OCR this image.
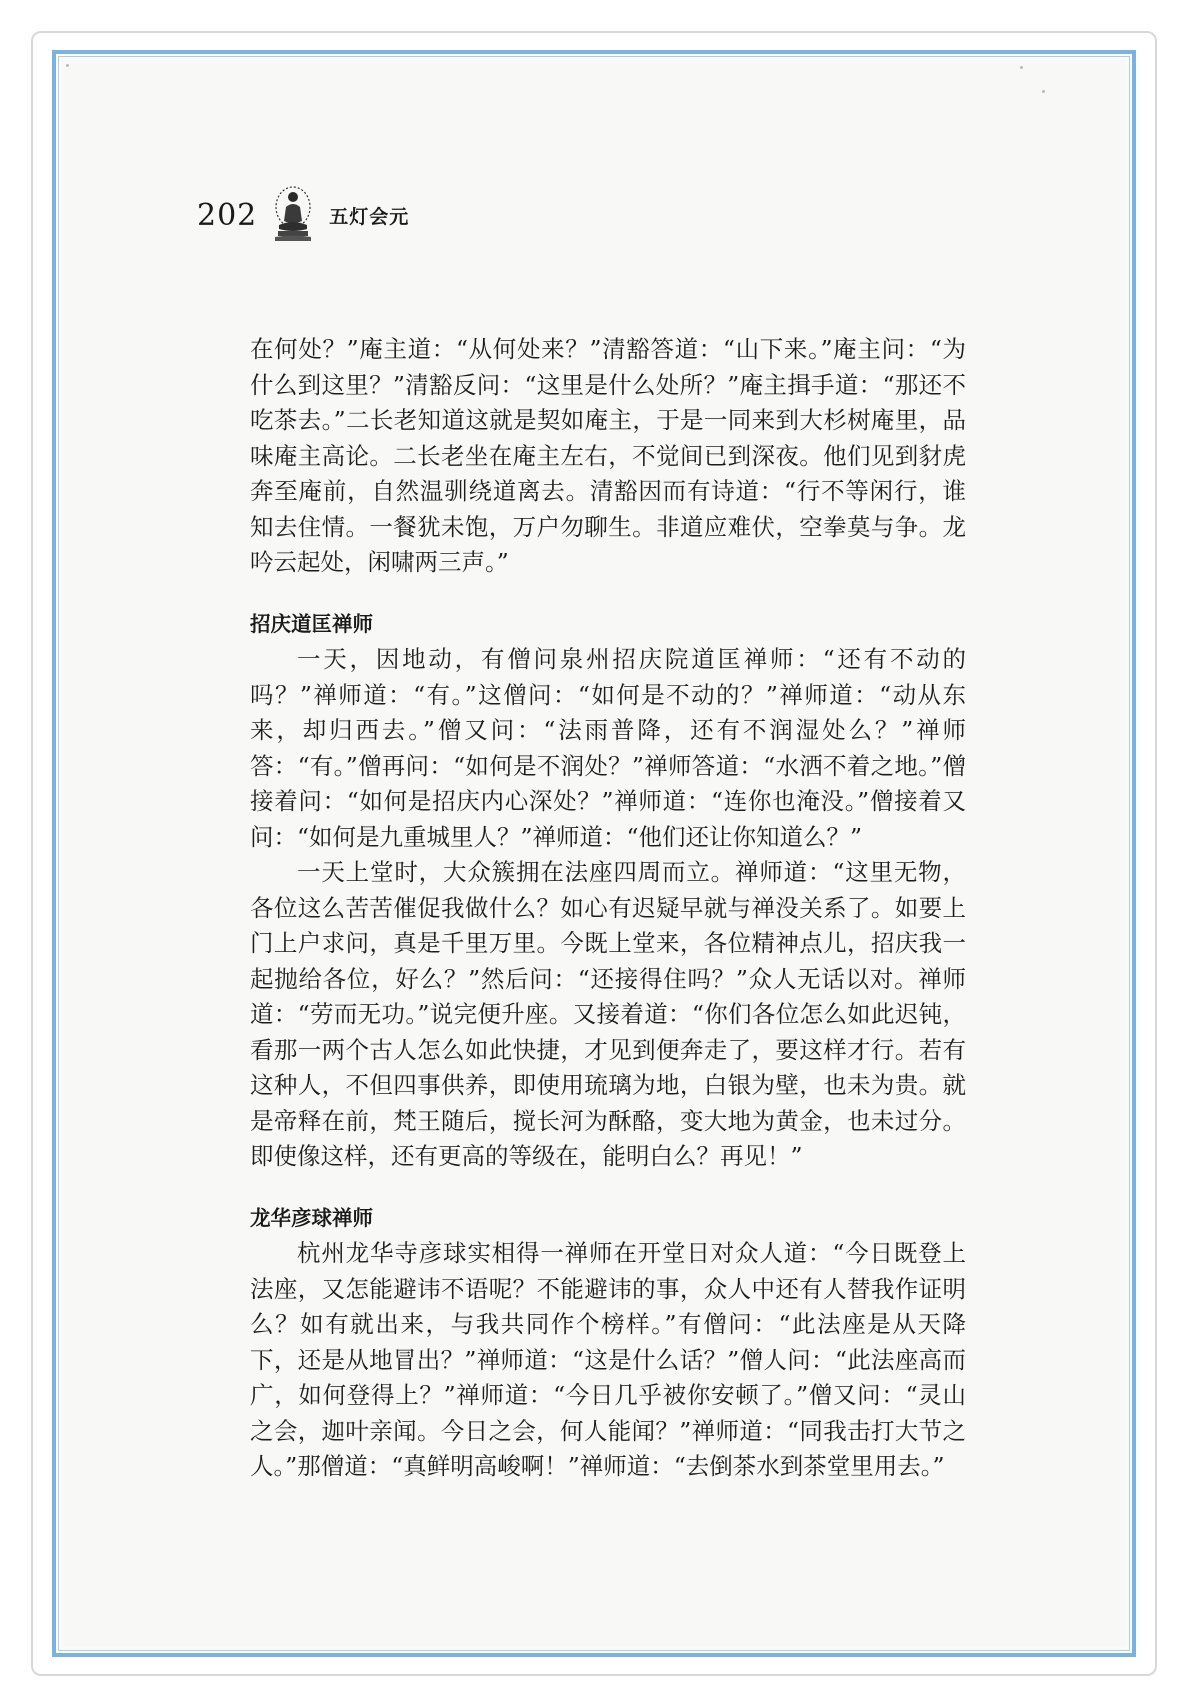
202	五灯会元

在何处？”庵主道：“从何处来？”清豁答道：“山下来。”庵主问：“为什么到这里？”清豁反问：“这里是什么处所？”庵主揖手道：“那还不吃茶去。”二长老知道这就是契如庵主，于是一同来到大杉树庵里，品味庵主高论。二长老坐在庵主左右，不觉间已到深夜。他们见到豺虎奔至庵前，自然温驯绕道离去。清豁因而有诗道：“行不等闲行，谁知去住情。一餐犹未饱，万户勿聊生。非道应难伏，空拳莫与争。龙吟云起处，闲啸两三声。”

招庆道匡禅师

一天，因地动，有僧问泉州招庆院道匡禅师：“还有不动的吗？”禅师道：“有。”这僧问：“如何是不动的？”禅师道：“动从东来，却归西去。”僧又问：“法雨普降，还有不润湿处么？”禅师答：“有。”僧再问：“如何是不润处？”禅师答道：“水洒不着之地。”僧接着问：“如何是招庆内心深处？”禅师道：“连你也淹没。”僧接着又问：“如何是九重城里人？”禅师道：“他们还让你知道么？”

一天上堂时，大众簇拥在法座四周而立。禅师道：“这里无物，各位这么苦苦催促我做什么？如心有迟疑早就与禅没关系了。如要上门上户求问，真是千里万里。今既上堂来，各位精神点儿，招庆我一起抛给各位，好么？”然后问：“还接得住吗？”众人无话以对。禅师道：“劳而无功。”说完便升座。又接着道：“你们各位怎么如此迟钝，看那一两个古人怎么如此快捷，才见到便奔走了，要这样才行。若有这种人，不但四事供养，即使用琉璃为地，白银为壁，也未为贵。就是帝释在前，梵王随后，搅长河为酥酪，变大地为黄金，也未过分。即使像这样，还有更高的等级在，能明白么？再见！”

龙华彦球禅师

杭州龙华寺彦球实相得一禅师在开堂日对众人道：“今日既登上法座，又怎能避讳不语呢？不能避讳的事，众人中还有人替我作证明么？如有就出来，与我共同作个榜样。”有僧问：“此法座是从天降下，还是从地冒出？”禅师道：“这是什么话？”僧人问：“此法座高而广，如何登得上？”禅师道：“今日几乎被你安顿了。”僧又问：“灵山之会，迦叶亲闻。今日之会，何人能闻？”禅师道：“同我击打大节之人。”那僧道：“真鲜明高峻啊！”禅师道：“去倒茶水到茶堂里用去。”
